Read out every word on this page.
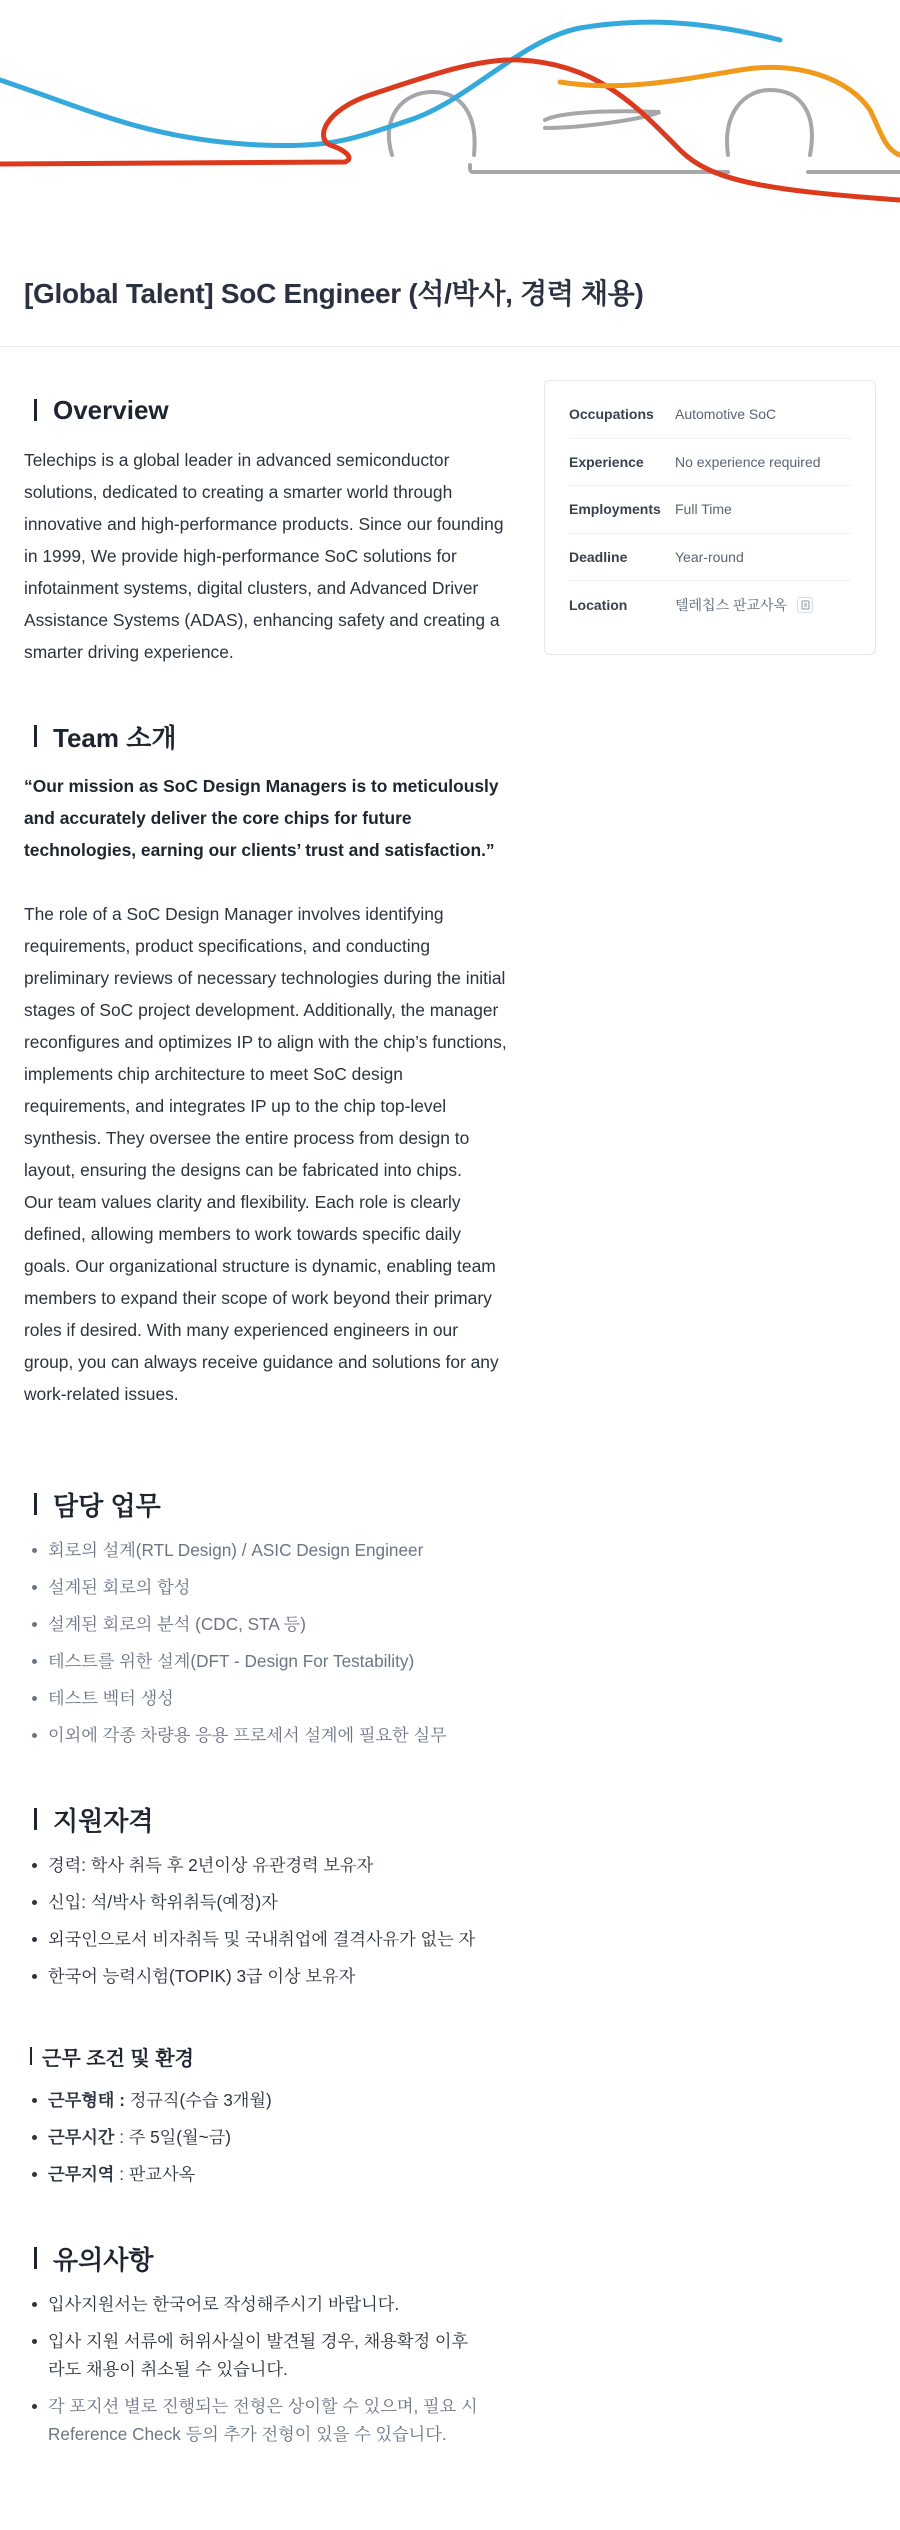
[Global Talent] SoC Engineer (석/박사, 경력 채용)
Occupations	Automotive SoC
Experience	No experience required
Employments	Full Time
Deadline	Year-round
Location	텔레칩스 판교사옥
Overview

Telechips is a global leader in advanced semiconductor solutions, dedicated to creating a smarter world through innovative and high-performance products. Since our founding in 1999, We provide high-performance SoC solutions for infotainment systems, digital clusters, and Advanced Driver Assistance Systems (ADAS), enhancing safety and creating a smarter driving experience.

Team 소개

“Our mission as SoC Design Managers is to meticulously and accurately deliver the core chips for future technologies, earning our clients’ trust and satisfaction.”

The role of a SoC Design Manager involves identifying requirements, product specifications, and conducting preliminary reviews of necessary technologies during the initial stages of SoC project development. Additionally, the manager reconfigures and optimizes IP to align with the chip’s functions, implements chip architecture to meet SoC design requirements, and integrates IP up to the chip top-level synthesis. They oversee the entire process from design to layout, ensuring the designs can be fabricated into chips.

Our team values clarity and flexibility. Each role is clearly defined, allowing members to work towards specific daily goals. Our organizational structure is dynamic, enabling team members to expand their scope of work beyond their primary roles if desired. With many experienced engineers in our group, you can always receive guidance and solutions for any work-related issues.

담당 업무
회로의 설계(RTL Design) / ASIC Design Engineer
설계된 회로의 합성
설계된 회로의 분석 (CDC, STA 등)
테스트를 위한 설계(DFT - Design For Testability)
테스트 벡터 생성
이외에 각종 차량용 응용 프로세서 설계에 필요한 실무
지원자격
경력: 학사 취득 후 2년이상 유관경력 보유자
신입: 석/박사 학위취득(예정)자
외국인으로서 비자취득 및 국내취업에 결격사유가 없는 자
한국어 능력시험(TOPIK) 3급 이상 보유자
근무 조건 및 환경
근무형태 : 정규직(수습 3개월)
근무시간 : 주 5일(월~금)
근무지역 : 판교사옥
유의사항
입사지원서는 한국어로 작성해주시기 바랍니다.
입사 지원 서류에 허위사실이 발견될 경우, 채용확정 이후라도 채용이 취소될 수 있습니다.
각 포지션 별로 진행되는 전형은 상이할 수 있으며, 필요 시 Reference Check 등의 추가 전형이 있을 수 있습니다.
